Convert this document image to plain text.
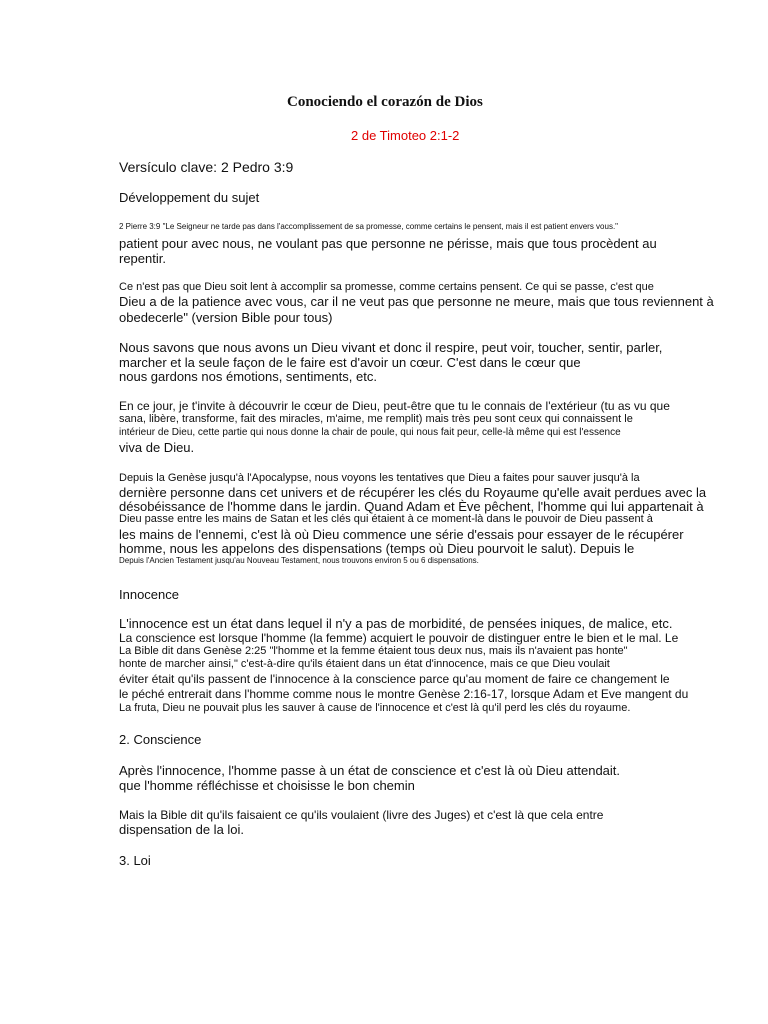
Conociendo el corazón de Dios
2 de Timoteo 2:1-2
Versículo clave: 2 Pedro 3:9
Développement du sujet
2 Pierre 3:9 "Le Seigneur ne tarde pas dans l'accomplissement de sa promesse, comme certains le pensent, mais il est patient envers vous."
patient pour avec nous, ne voulant pas que personne ne périsse, mais que tous procèdent au
repentir.
Ce n'est pas que Dieu soit lent à accomplir sa promesse, comme certains pensent. Ce qui se passe, c'est que
Dieu a de la patience avec vous, car il ne veut pas que personne ne meure, mais que tous reviennent à
obedecerle" (version Bible pour tous)
Nous savons que nous avons un Dieu vivant et donc il respire, peut voir, toucher, sentir, parler,
marcher et la seule façon de le faire est d'avoir un cœur. C'est dans le cœur que
nous gardons nos émotions, sentiments, etc.
En ce jour, je t'invite à découvrir le cœur de Dieu, peut-être que tu le connais de l'extérieur (tu as vu que
sana, libère, transforme, fait des miracles, m'aime, me remplit) mais très peu sont ceux qui connaissent le
intérieur de Dieu, cette partie qui nous donne la chair de poule, qui nous fait peur, celle-là même qui est l'essence
viva de Dieu.
Depuis la Genèse jusqu'à l'Apocalypse, nous voyons les tentatives que Dieu a faites pour sauver jusqu'à la
dernière personne dans cet univers et de récupérer les clés du Royaume qu'elle avait perdues avec la
désobéissance de l'homme dans le jardin. Quand Adam et Ève pêchent, l'homme qui lui appartenait à
Dieu passe entre les mains de Satan et les clés qui étaient à ce moment-là dans le pouvoir de Dieu passent à
les mains de l'ennemi, c'est là où Dieu commence une série d'essais pour essayer de le récupérer
homme, nous les appelons des dispensations (temps où Dieu pourvoit le salut). Depuis le
Depuis l'Ancien Testament jusqu'au Nouveau Testament, nous trouvons environ 5 ou 6 dispensations.
Innocence
L'innocence est un état dans lequel il n'y a pas de morbidité, de pensées iniques, de malice, etc.
La conscience est lorsque l'homme (la femme) acquiert le pouvoir de distinguer entre le bien et le mal. Le
La Bible dit dans Genèse 2:25 "l'homme et la femme étaient tous deux nus, mais ils n'avaient pas honte"
honte de marcher ainsi," c'est-à-dire qu'ils étaient dans un état d'innocence, mais ce que Dieu voulait
éviter était qu'ils passent de l'innocence à la conscience parce qu'au moment de faire ce changement le
le péché entrerait dans l'homme comme nous le montre Genèse 2:16-17, lorsque Adam et Eve mangent du
La fruta, Dieu ne pouvait plus les sauver à cause de l'innocence et c'est là qu'il perd les clés du royaume.
2. Conscience
Après l'innocence, l'homme passe à un état de conscience et c'est là où Dieu attendait.
que l'homme réfléchisse et choisisse le bon chemin
Mais la Bible dit qu'ils faisaient ce qu'ils voulaient (livre des Juges) et c'est là que cela entre
dispensation de la loi.
3. Loi
